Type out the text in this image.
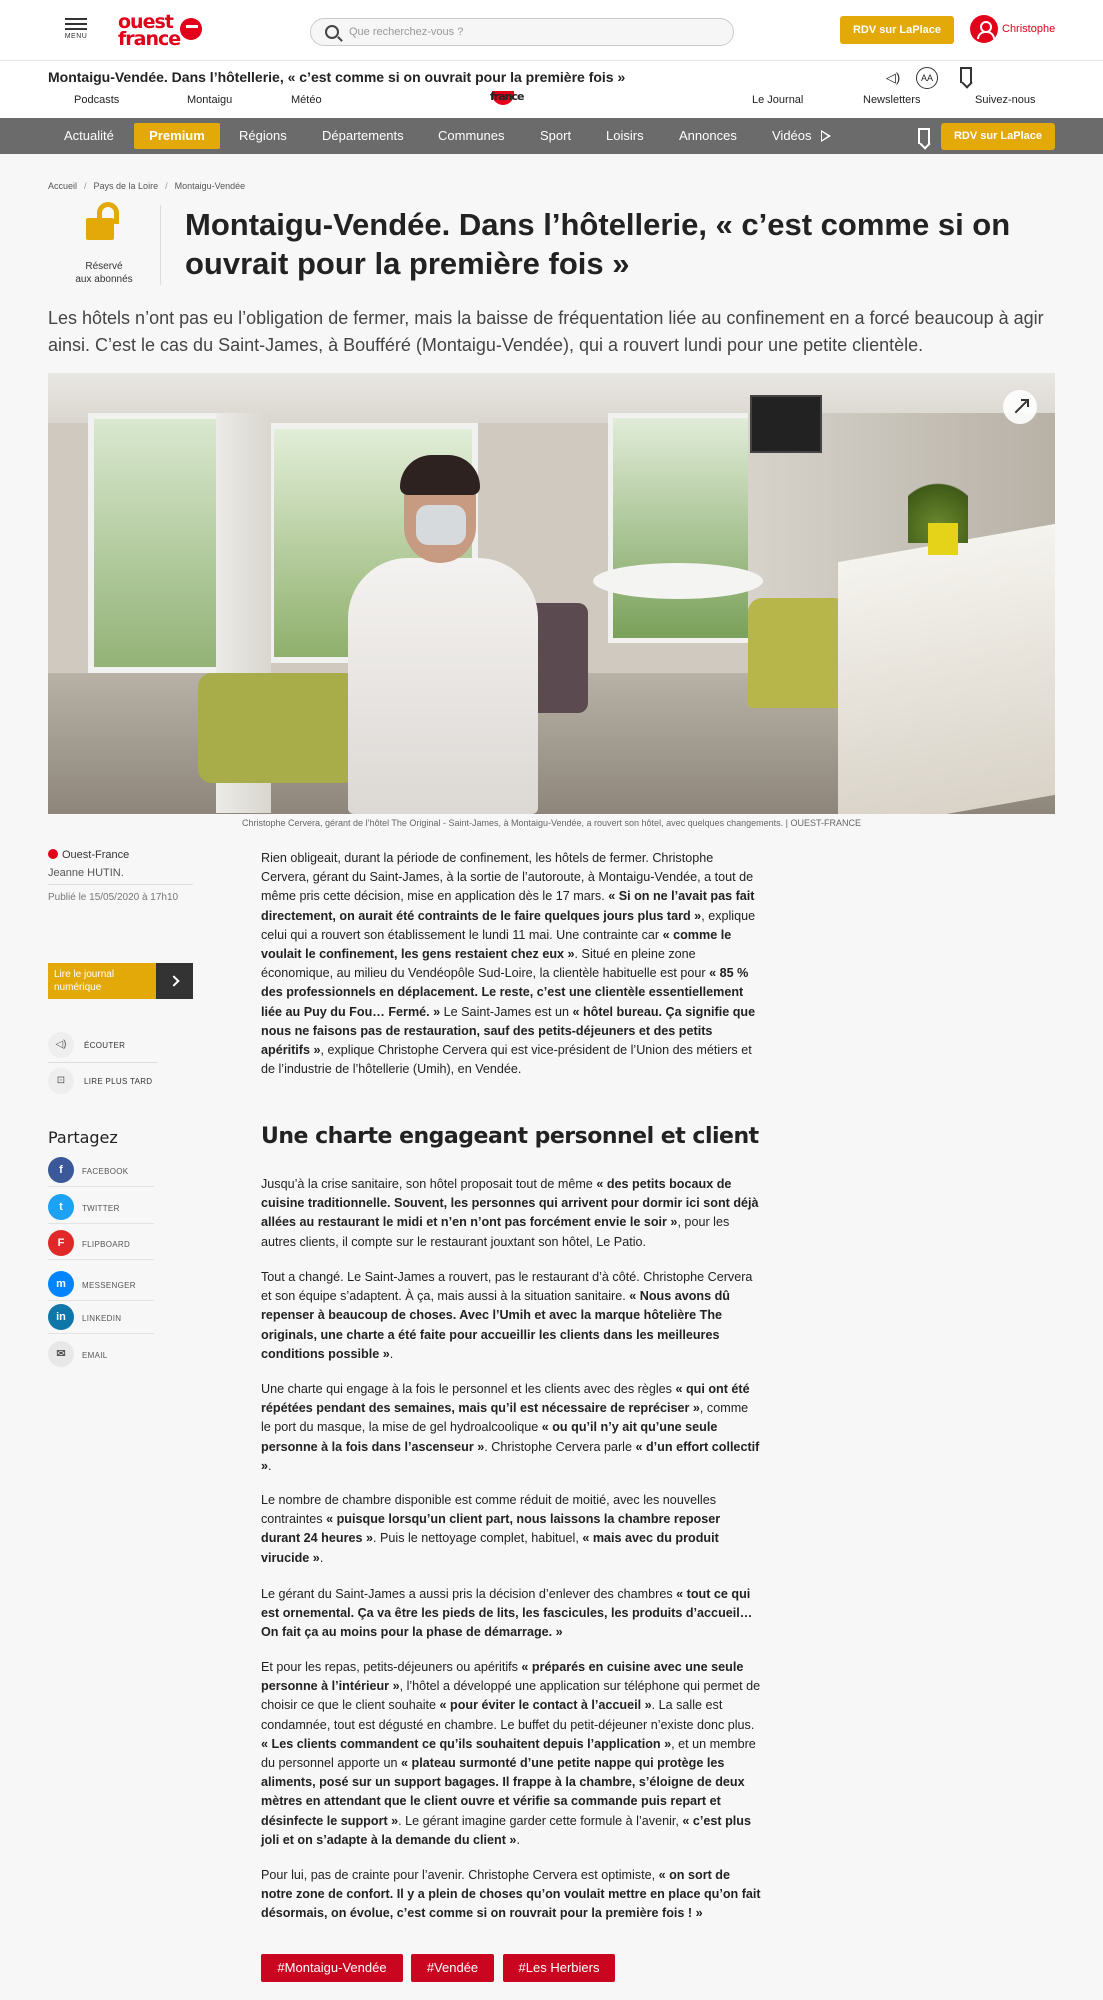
MENU
ouest
france
Que recherchez-vous ?	RDV sur LaPlace	Christophe
Montaigu-Vendée. Dans l’hôtellerie, « c’est comme si on ouvrait pour la première fois »	f	t	F	in	◁)	AA
Podcasts	Montaigu	Météo	france	Le Journal	Newsletters	Suivez-nous
Actualité	Premium	Régions	Départements	Communes	Sport	Loisirs	Annonces	Vidéos	RDV sur LaPlace
Accueil / Pays de la Loire / Montaigu-Vendée
Réservé
aux abonnés
Montaigu-Vendée. Dans l’hôtellerie, « c’est comme si on ouvrait pour la première fois »

Les hôtels n’ont pas eu l’obligation de fermer, mais la baisse de fréquentation liée au confinement en a forcé beaucoup à agir ainsi. C’est le cas du Saint-James, à Boufféré (Montaigu-Vendée), qui a rouvert lundi pour une petite clientèle.

Christophe Cervera, gérant de l’hôtel The Original - Saint-James, à Montaigu-Vendée, a rouvert son hôtel, avec quelques changements. | OUEST-FRANCE
Ouest-France
Jeanne HUTIN.
Publié le 15/05/2020 à 17h10
Lire le journal numérique
◁)	ÉCOUTER
⊡	LIRE PLUS TARD
Partagez
f	FACEBOOK
t	TWITTER
F	FLIPBOARD
m	MESSENGER
in	LINKEDIN
✉	EMAIL
Rien obligeait, durant la période de confinement, les hôtels de fermer. Christophe Cervera, gérant du Saint-James, à la sortie de l’autoroute, à Montaigu-Vendée, a tout de même pris cette décision, mise en application dès le 17 mars. « Si on ne l’avait pas fait directement, on aurait été contraints de le faire quelques jours plus tard », explique celui qui a rouvert son établissement le lundi 11 mai. Une contrainte car « comme le voulait le confinement, les gens restaient chez eux ». Situé en pleine zone économique, au milieu du Vendéopôle Sud-Loire, la clientèle habituelle est pour « 85 % des professionnels en déplacement. Le reste, c’est une clientèle essentiellement liée au Puy du Fou… Fermé. » Le Saint-James est un « hôtel bureau. Ça signifie que nous ne faisons pas de restauration, sauf des petits-déjeuners et des petits apéritifs », explique Christophe Cervera qui est vice-président de l’Union des métiers et de l’industrie de l’hôtellerie (Umih), en Vendée.
Une charte engageant personnel et client
Jusqu’à la crise sanitaire, son hôtel proposait tout de même « des petits bocaux de cuisine traditionnelle. Souvent, les personnes qui arrivent pour dormir ici sont déjà allées au restaurant le midi et n’en n’ont pas forcément envie le soir », pour les autres clients, il compte sur le restaurant jouxtant son hôtel, Le Patio.
Tout a changé. Le Saint-James a rouvert, pas le restaurant d’à côté. Christophe Cervera et son équipe s’adaptent. À ça, mais aussi à la situation sanitaire. « Nous avons dû repenser à beaucoup de choses. Avec l’Umih et avec la marque hôtelière The originals, une charte a été faite pour accueillir les clients dans les meilleures conditions possible ».
Une charte qui engage à la fois le personnel et les clients avec des règles « qui ont été répétées pendant des semaines, mais qu’il est nécessaire de repréciser », comme le port du masque, la mise de gel hydroalcoolique « ou qu’il n’y ait qu’une seule personne à la fois dans l’ascenseur ». Christophe Cervera parle « d’un effort collectif ».
Le nombre de chambre disponible est comme réduit de moitié, avec les nouvelles contraintes « puisque lorsqu’un client part, nous laissons la chambre reposer durant 24 heures ». Puis le nettoyage complet, habituel, « mais avec du produit virucide ».
Le gérant du Saint-James a aussi pris la décision d’enlever des chambres « tout ce qui est ornemental. Ça va être les pieds de lits, les fascicules, les produits d’accueil… On fait ça au moins pour la phase de démarrage. »
Et pour les repas, petits-déjeuners ou apéritifs « préparés en cuisine avec une seule personne à l’intérieur », l’hôtel a développé une application sur téléphone qui permet de choisir ce que le client souhaite « pour éviter le contact à l’accueil ». La salle est condamnée, tout est dégusté en chambre. Le buffet du petit-déjeuner n’existe donc plus. « Les clients commandent ce qu’ils souhaitent depuis l’application », et un membre du personnel apporte un « plateau surmonté d’une petite nappe qui protège les aliments, posé sur un support bagages. Il frappe à la chambre, s’éloigne de deux mètres en attendant que le client ouvre et vérifie sa commande puis repart et désinfecte le support ». Le gérant imagine garder cette formule à l’avenir, « c’est plus joli et on s’adapte à la demande du client ».
Pour lui, pas de crainte pour l’avenir. Christophe Cervera est optimiste, « on sort de notre zone de confort. Il y a plein de choses qu’on voulait mettre en place qu’on fait désormais, on évolue, c’est comme si on rouvrait pour la première fois ! »
#Montaigu-Vendée	#Vendée	#Les Herbiers
